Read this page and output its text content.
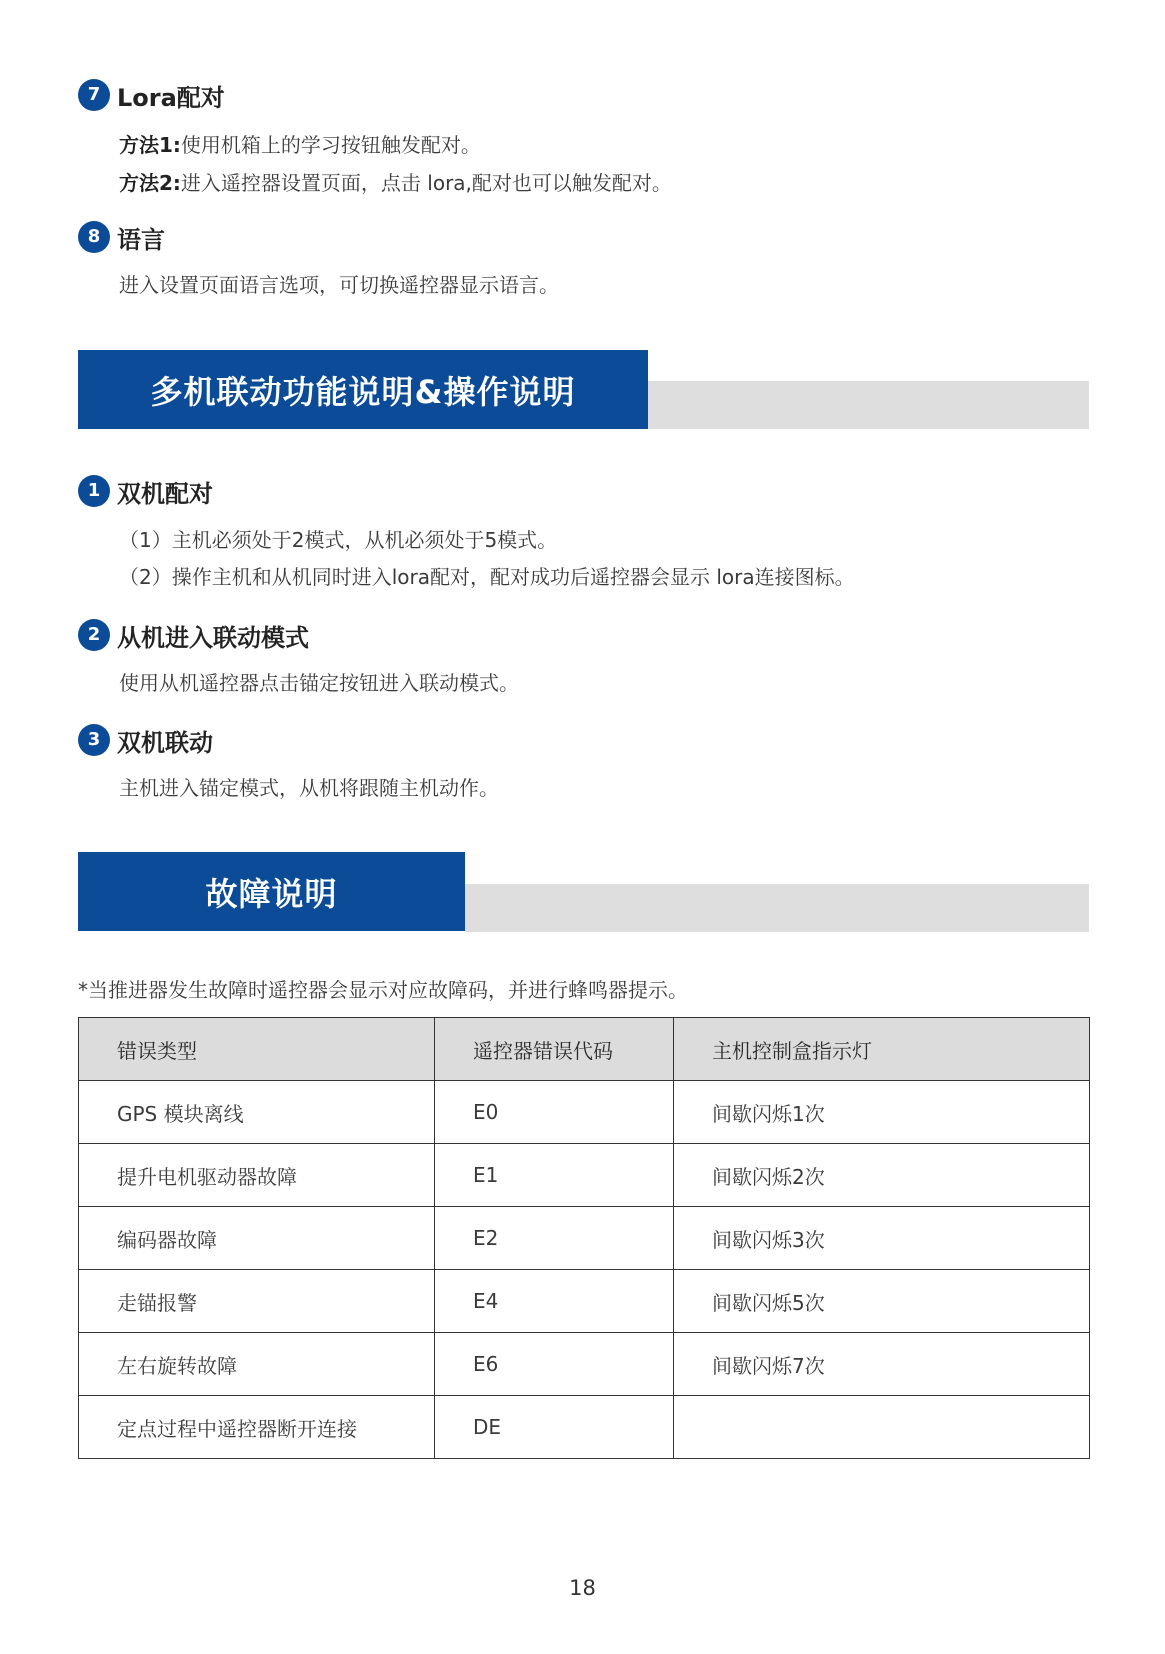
7 Lora配对
方法1:使用机箱上的学习按钮触发配对。
方法2:进入遥控器设置页面，点击 lora,配对也可以触发配对。
8 语言
进入设置页面语言选项，可切换遥控器显示语言。
多机联动功能说明&操作说明
1 双机配对
（1）主机必须处于2模式，从机必须处于5模式。
（2）操作主机和从机同时进入lora配对，配对成功后遥控器会显示 lora连接图标。
2 从机进入联动模式
使用从机遥控器点击锚定按钮进入联动模式。
3 双机联动
主机进入锚定模式，从机将跟随主机动作。
故障说明
*当推进器发生故障时遥控器会显示对应故障码，并进行蜂鸣器提示。
错误类型	遥控器错误代码	主机控制盒指示灯
GPS 模块离线	E0	间歇闪烁1次
提升电机驱动器故障	E1	间歇闪烁2次
编码器故障	E2	间歇闪烁3次
走锚报警	E4	间歇闪烁5次
左右旋转故障	E6	间歇闪烁7次
定点过程中遥控器断开连接	DE	
18
